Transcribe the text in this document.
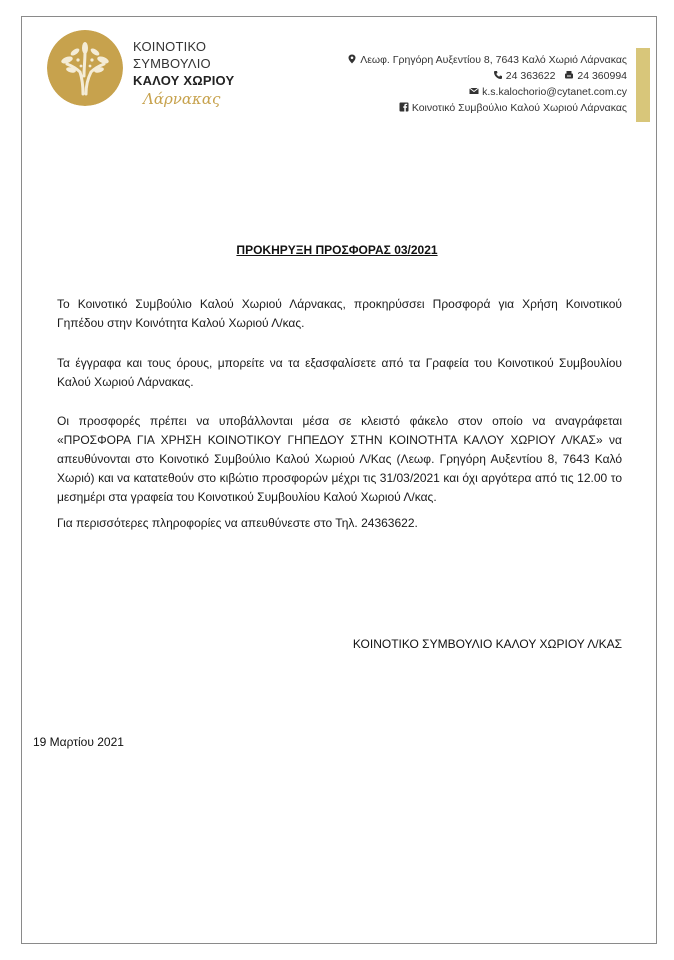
ΚΟΙΝΟΤΙΚΟ
ΣΥΜΒΟΥΛΙΟ
ΚΑΛΟΥ ΧΩΡΙΟΥ
Λάρνακας
Λεωφ. Γρηγόρη Αυξεντίου 8, 7643 Καλό Χωριό Λάρνακας
24 363622 24 360994
k.s.kalochorio@cytanet.com.cy
Κοινοτικό Συμβούλιο Καλού Χωριού Λάρνακας
ΠΡΟΚΗΡΥΞΗ ΠΡΟΣΦΟΡΑΣ 03/2021
Το Κοινοτικό Συμβούλιο Καλού Χωριού Λάρνακας, προκηρύσσει Προσφορά για Χρήση Κοινοτικού Γηπέδου στην Κοινότητα Καλού Χωριού Λ/κας.
Τα έγγραφα και τους όρους, μπορείτε να τα εξασφαλίσετε από τα Γραφεία του Κοινοτικού Συμβουλίου Καλού Χωριού Λάρνακας.
Οι προσφορές πρέπει να υποβάλλονται μέσα σε κλειστό φάκελο στον οποίο να αναγράφεται «ΠΡΟΣΦΟΡΑ ΓΙΑ ΧΡΗΣΗ ΚΟΙΝΟΤΙΚΟΥ ΓΗΠΕΔΟΥ ΣΤΗΝ ΚΟΙΝΟΤΗΤΑ ΚΑΛΟΥ ΧΩΡΙΟΥ Λ/ΚΑΣ» να απευθύνονται στο Κοινοτικό Συμβούλιο Καλού Χωριού Λ/Κας (Λεωφ. Γρηγόρη Αυξεντίου 8, 7643 Καλό Χωριό) και να κατατεθούν στο κιβώτιο προσφορών μέχρι τις 31/03/2021 και όχι αργότερα από τις 12.00 το μεσημέρι στα γραφεία του Κοινοτικού Συμβουλίου Καλού Χωριού Λ/κας.
Για περισσότερες πληροφορίες να απευθύνεστε στο Τηλ. 24363622.
ΚΟΙΝΟΤΙΚΟ ΣΥΜΒΟΥΛΙΟ ΚΑΛΟΥ ΧΩΡΙΟΥ Λ/ΚΑΣ
19 Μαρτίου 2021
